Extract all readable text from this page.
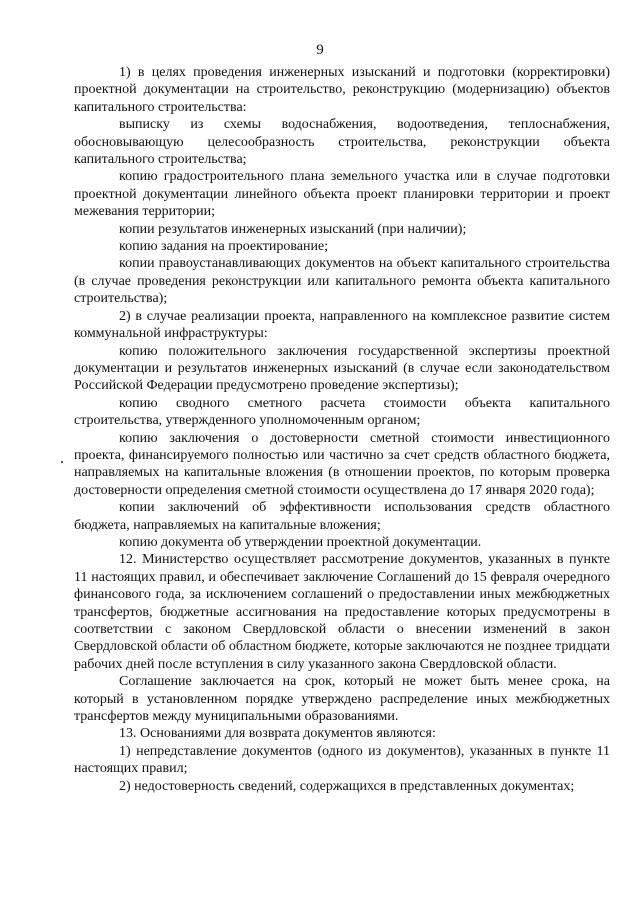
9

1) в целях проведения инженерных изысканий и подготовки (корректировки) проектной документации на строительство, реконструкцию (модернизацию) объектов капитального строительства:

выписку из схемы водоснабжения, водоотведения, теплоснабжения, обосновывающую целесообразность строительства, реконструкции объекта капитального строительства;

копию градостроительного плана земельного участка или в случае подготовки проектной документации линейного объекта проект планировки территории и проект межевания территории;

копии результатов инженерных изысканий (при наличии);

копию задания на проектирование;

копии правоустанавливающих документов на объект капитального строительства (в случае проведения реконструкции или капитального ремонта объекта капитального строительства);

2) в случае реализации проекта, направленного на комплексное развитие систем коммунальной инфраструктуры:

копию положительного заключения государственной экспертизы проектной документации и результатов инженерных изысканий (в случае если законодательством Российской Федерации предусмотрено проведение экспертизы);

копию сводного сметного расчета стоимости объекта капитального строительства, утвержденного уполномоченным органом;

копию заключения о достоверности сметной стоимости инвестиционного проекта, финансируемого полностью или частично за счет средств областного бюджета, направляемых на капитальные вложения (в отношении проектов, по которым проверка достоверности определения сметной стоимости осуществлена до 17 января 2020 года);

копии заключений об эффективности использования средств областного бюджета, направляемых на капитальные вложения;

копию документа об утверждении проектной документации.

12. Министерство осуществляет рассмотрение документов, указанных в пункте 11 настоящих правил, и обеспечивает заключение Соглашений до 15 февраля очередного финансового года, за исключением соглашений о предоставлении иных межбюджетных трансфертов, бюджетные ассигнования на предоставление которых предусмотрены в соответствии с законом Свердловской области о внесении изменений в закон Свердловской области об областном бюджете, которые заключаются не позднее тридцати рабочих дней после вступления в силу указанного закона Свердловской области.

Соглашение заключается на срок, который не может быть менее срока, на который в установленном порядке утверждено распределение иных межбюджетных трансфертов между муниципальными образованиями.

13. Основаниями для возврата документов являются:

1) непредставление документов (одного из документов), указанных в пункте 11 настоящих правил;

2) недостоверность сведений, содержащихся в представленных документах;
